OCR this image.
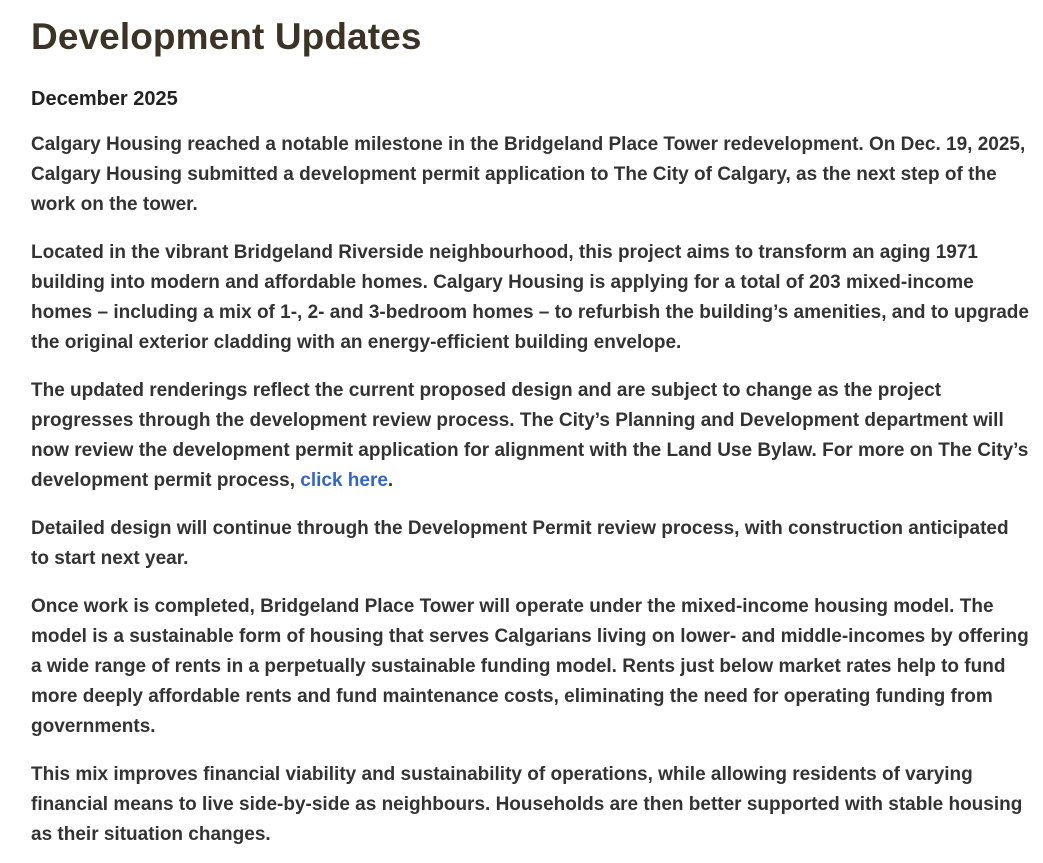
Development Updates
December 2025

Calgary Housing reached a notable milestone in the Bridgeland Place Tower redevelopment. On Dec. 19, 2025, Calgary Housing submitted a development permit application to The City of Calgary, as the next step of the work on the tower.

Located in the vibrant Bridgeland Riverside neighbourhood, this project aims to transform an aging 1971 building into modern and affordable homes. Calgary Housing is applying for a total of 203 mixed-income homes – including a mix of 1-, 2- and 3-bedroom homes – to refurbish the building’s amenities, and to upgrade the original exterior cladding with an energy-efficient building envelope.

The updated renderings reflect the current proposed design and are subject to change as the project progresses through the development review process. The City’s Planning and Development department will now review the development permit application for alignment with the Land Use Bylaw. For more on The City’s development permit process, click here.

Detailed design will continue through the Development Permit review process, with construction anticipated to start next year.

Once work is completed, Bridgeland Place Tower will operate under the mixed-income housing model. The model is a sustainable form of housing that serves Calgarians living on lower- and middle-incomes by offering a wide range of rents in a perpetually sustainable funding model. Rents just below market rates help to fund more deeply affordable rents and fund maintenance costs, eliminating the need for operating funding from governments.

This mix improves financial viability and sustainability of operations, while allowing residents of varying financial means to live side-by-side as neighbours. Households are then better supported with stable housing as their situation changes.
